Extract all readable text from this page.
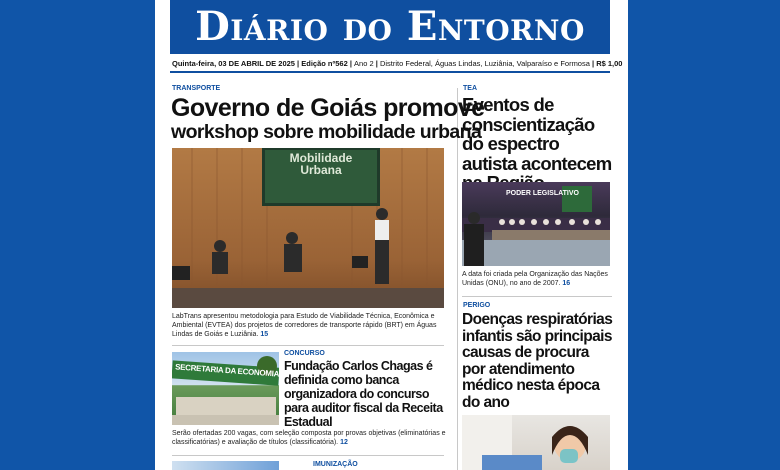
Diário do Entorno
Quinta-feira, 03 DE ABRIL DE 2025 | Edição nº562 | Ano 2 | Distrito Federal, Águas Lindas, Luziânia, Valparaíso e Formosa | R$ 1,00
TRANSPORTE
Governo de Goiás promove
workshop sobre mobilidade urbana
Mobilidade
Urbana
LabTrans apresentou metodologia para Estudo de Viabilidade Técnica, Econômica e Ambiental (EVTEA) dos projetos de corredores de transporte rápido (BRT) em Águas Lindas de Goiás e Luziânia. 15
SECRETARIA DA ECONOMIA
CONCURSO
Fundação Carlos Chagas é definida como banca organizadora do concurso para auditor fiscal da Receita Estadual
Serão ofertadas 200 vagas, com seleção composta por provas objetivas (eliminatórias e classificatórias) e avaliação de títulos (classificatória). 12
IMUNIZAÇÃO
TEA
Eventos de conscientização do espectro autista acontecem
PODER LEGISLATIVO
A data foi criada pela Organização das Nações Unidas (ONU), no ano de 2007. 16
PERIGO
Doenças respiratórias infantis são principais causas de procura por atendimento médico nesta época do ano
